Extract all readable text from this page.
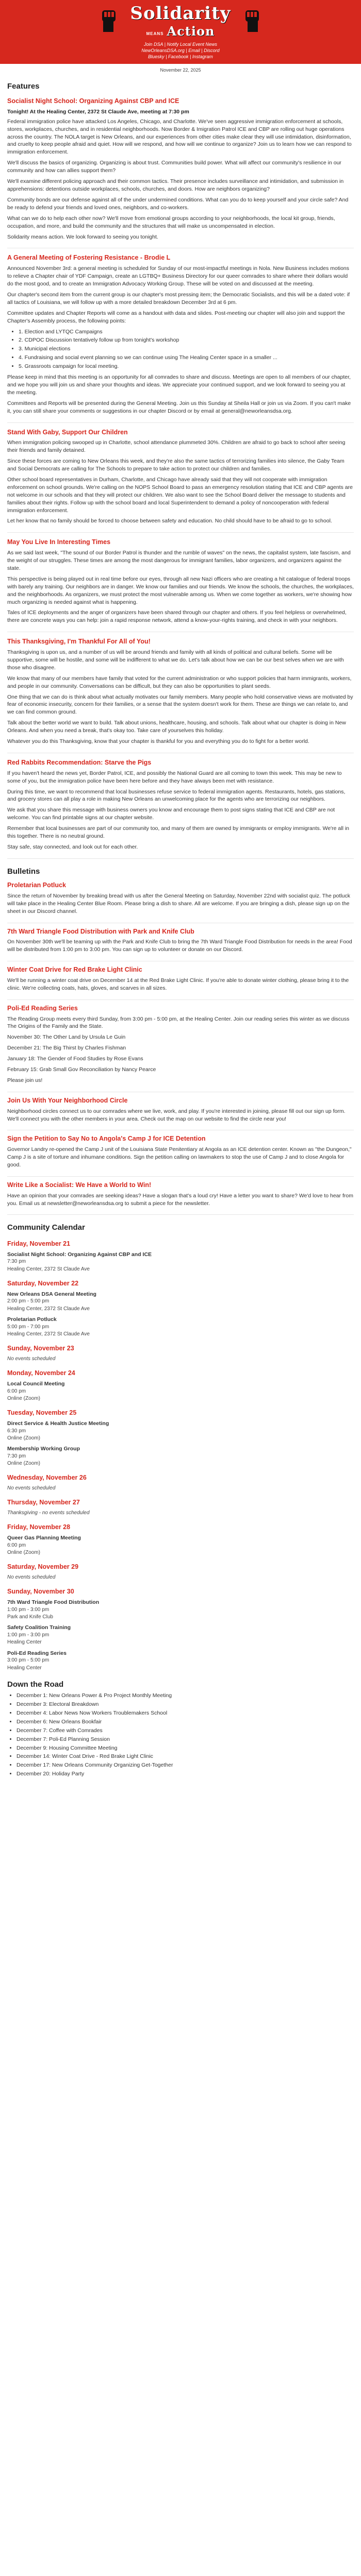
Solidarity
MEANS Action
Join DSA | Notify Local Event News
NewOrleansDSA.org | Email | Discord
Bluesky | Facebook | Instagram
November 22, 2025
Features
Socialist Night School: Organizing Against CBP and ICE
Tonight! At the Healing Center, 2372 St Claude Ave, meeting at 7:30 pm

Federal immigration police have attacked Los Angeles, Chicago, and Charlotte. We've seen aggressive immigration enforcement at schools, stores, workplaces, churches, and in residential neighborhoods. Now Border & Imigration Patrol ICE and CBP are rolling out huge operations across the country. The NOLA target is New Orleans, and our experiences from other cities make clear they will use intimidation, disinformation, and cruelty to keep people afraid and quiet. How will we respond, and how will we continue to organize? Join us to learn how we can respond to immigration enforcement.

We'll discuss the basics of organizing. Organizing is about trust. Communities build power. What will affect our community's resilience in our community and how can allies support them?

We'll examine different policing approach and their common tactics. Their presence includes surveillance and intimidation, and submission in apprehensions: detentions outside workplaces, schools, churches, and doors. How are neighbors organizing?

Community bonds are our defense against all of the under undermined conditions. What can you do to keep yourself and your circle safe? And be ready to defend your friends and loved ones, neighbors, and co-workers.

What can we do to help each other now? We'll move from emotional groups according to your neighborhoods, the local kit group, friends, occupation, and more, and build the community and the structures that will make us uncompensated in election.

Solidarity means action. We look forward to seeing you tonight.

A General Meeting of Fostering Resistance - Brodie L

Announced November 3rd: a general meeting is scheduled for Sunday of our most-impactful meetings in Nola. New Business includes motions to relieve a Chapter chair of YDF Campaign, create an LGTBQ+ Business Directory for our queer comrades to share where their dollars would do the most good, and to create an Immigration Advocacy Working Group. These will be voted on and discussed at the meeting.

Our chapter's second item from the current group is our chapter's most pressing item; the Democratic Socialists, and this will be a dated vote: if all tactics of Louisiana, we will follow up with a more detailed breakdown December 3rd at 6 pm.

Committee updates and Chapter Reports will come as a handout with data and slides. Post-meeting our chapter will also join and support the Chapter's Assembly process, the following points:

• 1. Election and LYTQC Campaigns
• 2. CDPOC Discussion tentatively follow up from tonight's workshop
• 3. Municipal elections
• 4. Fundraising and social event planning so we can continue using The Healing Center space in a smaller ...
• 5. Grassroots campaign for local meeting.

Please keep in mind that this meeting is an opportunity for all comrades to share and discuss. Meetings are open to all members of our chapter, and we hope you will join us and share your thoughts and ideas. We appreciate your continued support, and we look forward to seeing you at the meeting.

Committees and Reports will be presented during the General Meeting. Join us this Sunday at Sheila Hall or join us via Zoom. If you can't make it, you can still share your comments or suggestions in our chapter Discord or by email at general@neworleansdsa.org.

Stand With Gaby, Support Our Children

When immigration policing swooped up in Charlotte, school attendance plummeted 30%. Children are afraid to go back to school after seeing their friends and family detained.

Since these forces are coming to New Orleans this week, and they're also the same tactics of terrorizing families into silence, the Gaby Team and Social Democrats are calling for The Schools to prepare to take action to protect our children and families.

Other school board representatives in Durham, Charlotte, and Chicago have already said that they will not cooperate with immigration enforcement on school grounds. We're calling on the NOPS School Board to pass an emergency resolution stating that ICE and CBP agents are not welcome in our schools and that they will protect our children. We also want to see the School Board deliver the message to students and families about their rights. Follow up with the school board and local Superintendent to demand a policy of noncooperation with federal immigration enforcement.

Let her know that no family should be forced to choose between safety and education. No child should have to be afraid to go to school.

May You Live In Interesting Times

As we said last week, "The sound of our Border Patrol is thunder and the rumble of waves" on the news, the capitalist system, late fascism, and the weight of our struggles. These times are among the most dangerous for immigrant families, labor organizers, and organizers against the state.

This perspective is being played out in real time before our eyes, through all new Nazi officers who are creating a hit catalogue of federal troops with barely any training. Our neighbors are in danger. We know our families and our friends. We know the schools, the churches, the workplaces, and the neighborhoods. As organizers, we must protect the most vulnerable among us. When we come together as workers, we're showing how much organizing is needed against what is happening.

Tales of ICE deployments and the anger of organizers have been shared through our chapter and others. If you feel helpless or overwhelmed, there are concrete ways you can help: join a rapid response network, attend a know-your-rights training, and check in with your neighbors.

This Thanksgiving, I'm Thankful For All of You!

Thanksgiving is upon us, and a number of us will be around friends and family with all kinds of political and cultural beliefs. Some will be supportive, some will be hostile, and some will be indifferent to what we do. Let's talk about how we can be our best selves when we are with those who disagree.

We know that many of our members have family that voted for the current administration or who support policies that harm immigrants, workers, and people in our community. Conversations can be difficult, but they can also be opportunities to plant seeds.

One thing that we can do is think about what actually motivates our family members. Many people who hold conservative views are motivated by fear of economic insecurity, concern for their families, or a sense that the system doesn't work for them. These are things we can relate to, and we can find common ground.

Talk about the better world we want to build. Talk about unions, healthcare, housing, and schools. Talk about what our chapter is doing in New Orleans. And when you need a break, that's okay too. Take care of yourselves this holiday.

Whatever you do this Thanksgiving, know that your chapter is thankful for you and everything you do to fight for a better world.

Red Rabbits Recommendation: Starve the Pigs

If you haven't heard the news yet, Border Patrol, ICE, and possibly the National Guard are all coming to town this week. This may be new to some of you, but the immigration police have been here before and they have always been met with resistance.

During this time, we want to recommend that local businesses refuse service to federal immigration agents. Restaurants, hotels, gas stations, and grocery stores can all play a role in making New Orleans an unwelcoming place for the agents who are terrorizing our neighbors.

We ask that you share this message with business owners you know and encourage them to post signs stating that ICE and CBP are not welcome. You can find printable signs at our chapter website.

Remember that local businesses are part of our community too, and many of them are owned by immigrants or employ immigrants. We're all in this together. There is no neutral ground.

Stay safe, stay connected, and look out for each other.

Bulletins
Proletarian Potluck

Since the return of November by breaking bread with us after the General Meeting on Saturday, November 22nd with socialist quiz. The potluck will take place in the Healing Center Blue Room. Please bring a dish to share. All are welcome. If you are bringing a dish, please sign up on the sheet in our Discord channel.

7th Ward Triangle Food Distribution with Park and Knife Club

On November 30th we'll be teaming up with the Park and Knife Club to bring the 7th Ward Triangle Food Distribution for needs in the area! Food will be distributed from 1:00 pm to 3:00 pm. You can sign up to volunteer or donate on our Discord.

Winter Coat Drive for Red Brake Light Clinic

We'll be running a winter coat drive on December 14 at the Red Brake Light Clinic. If you're able to donate winter clothing, please bring it to the clinic. We're collecting coats, hats, gloves, and scarves in all sizes.

Poli-Ed Reading Series

The Reading Group meets every third Sunday, from 3:00 pm - 5:00 pm, at the Healing Center. Join our reading series this winter as we discuss The Origins of the Family and the State.

November 30: The Other Land by Ursula Le Guin

December 21: The Big Thirst by Charles Fishman

January 18: The Gender of Food Studies by Rose Evans

February 15: Grab Small Gov Reconciliation by Nancy Pearce

Please join us!

Join Us With Your Neighborhood Circle

Neighborhood circles connect us to our comrades where we live, work, and play. If you're interested in joining, please fill out our sign up form. We'll connect you with the other members in your area. Check out the map on our website to find the circle near you!

Sign the Petition to Say No to Angola's Camp J for ICE Detention

Governor Landry re-opened the Camp J unit of the Louisiana State Penitentiary at Angola as an ICE detention center. Known as "the Dungeon," Camp J is a site of torture and inhumane conditions. Sign the petition calling on lawmakers to stop the use of Camp J and to close Angola for good.

Write Like a Socialist: We Have a World to Win!

Have an opinion that your comrades are seeking ideas? Have a slogan that's a loud cry! Have a letter you want to share? We'd love to hear from you. Email us at newsletter@neworleansdsa.org to submit a piece for the newsletter.

Community Calendar
Friday, November 21
Socialist Night School: Organizing Against CBP and ICE
7:30 pm
Healing Center, 2372 St Claude Ave
Saturday, November 22
New Orleans DSA General Meeting
2:00 pm - 5:00 pm
Healing Center, 2372 St Claude Ave
Proletarian Potluck
5:00 pm - 7:00 pm
Healing Center, 2372 St Claude Ave
Sunday, November 23
No events scheduled
Monday, November 24
Local Council Meeting
6:00 pm
Online (Zoom)
Tuesday, November 25
Direct Service & Health Justice Meeting
6:30 pm
Online (Zoom)
Membership Working Group
7:30 pm
Online (Zoom)
Wednesday, November 26
No events scheduled
Thursday, November 27
Thanksgiving - no events scheduled
Friday, November 28
Queer Gas Planning Meeting
6:00 pm
Online (Zoom)
Saturday, November 29
No events scheduled
Sunday, November 30
7th Ward Triangle Food Distribution
1:00 pm - 3:00 pm
Park and Knife Club
Safety Coalition Training
1:00 pm - 3:00 pm
Healing Center
Poli-Ed Reading Series
3:00 pm - 5:00 pm
Healing Center
Down the Road
• December 1: New Orleans Power & Pro Project Monthly Meeting
• December 3: Electoral Breakdown
• December 4: Labor News Now Workers Troublemakers School
• December 6: New Orleans Bookfair
• December 7: Coffee with Comrades
• December 7: Poli-Ed Planning Session
• December 9: Housing Committee Meeting
• December 14: Winter Coat Drive - Red Brake Light Clinic
• December 17: New Orleans Community Organizing Get-Together
• December 20: Holiday Party
